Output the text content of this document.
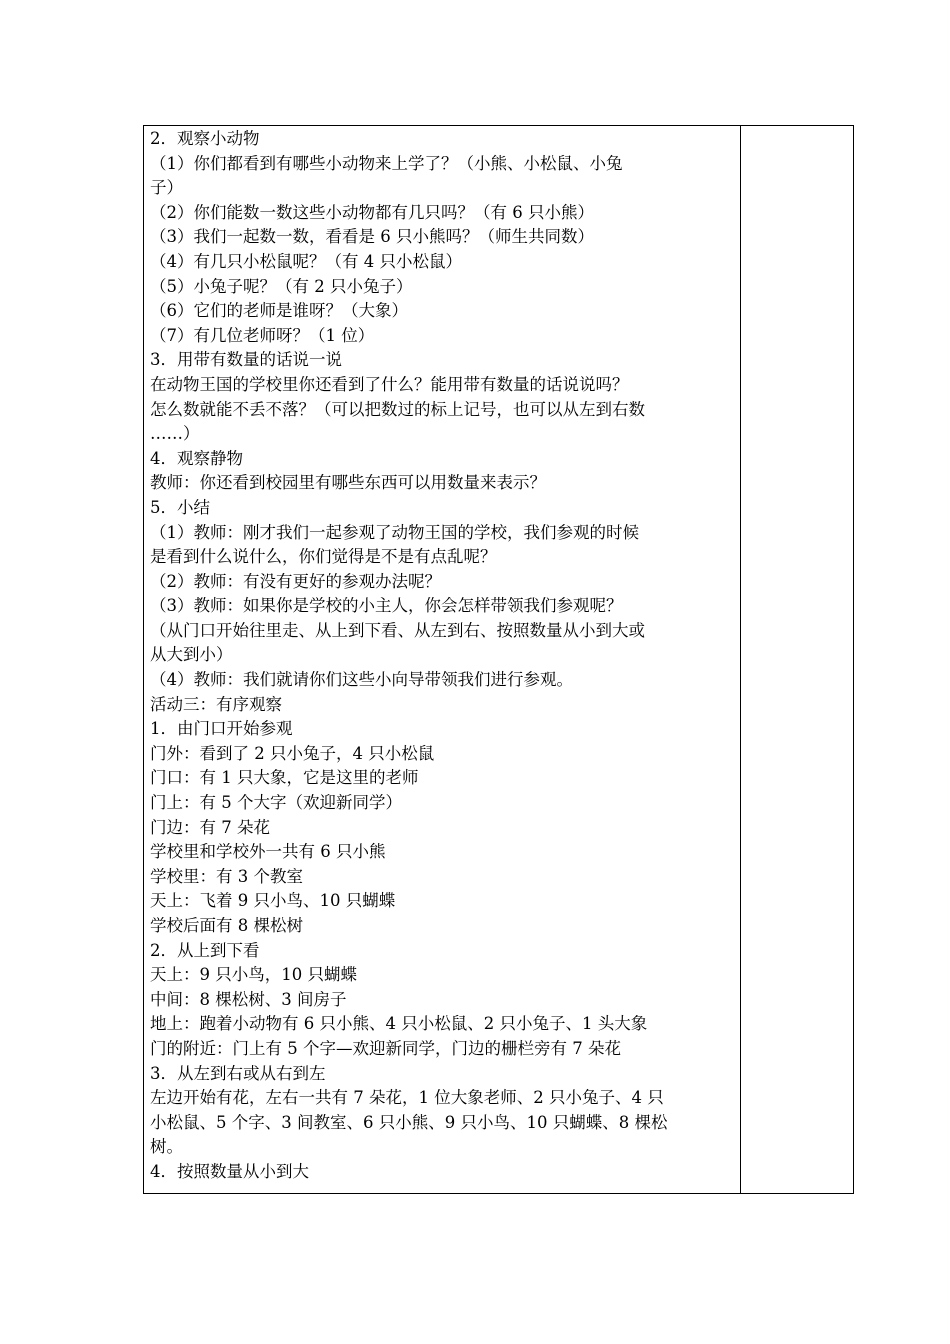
2．观察小动物
（1）你们都看到有哪些小动物来上学了？（小熊、小松鼠、小兔
子）
（2）你们能数一数这些小动物都有几只吗？（有 6 只小熊）
（3）我们一起数一数，看看是 6 只小熊吗？（师生共同数）
（4）有几只小松鼠呢？（有 4 只小松鼠）
（5）小兔子呢？（有 2 只小兔子）
（6）它们的老师是谁呀？（大象）
（7）有几位老师呀？（1 位）
3．用带有数量的话说一说
在动物王国的学校里你还看到了什么？能用带有数量的话说说吗？
怎么数就能不丢不落？（可以把数过的标上记号，也可以从左到右数
……）
4．观察静物
教师：你还看到校园里有哪些东西可以用数量来表示？
5．小结
（1）教师：刚才我们一起参观了动物王国的学校，我们参观的时候
是看到什么说什么，你们觉得是不是有点乱呢？
（2）教师：有没有更好的参观办法呢？
（3）教师：如果你是学校的小主人，你会怎样带领我们参观呢？
（从门口开始往里走、从上到下看、从左到右、按照数量从小到大或
从大到小）
（4）教师：我们就请你们这些小向导带领我们进行参观。
活动三：有序观察
1．由门口开始参观
门外：看到了 2 只小兔子，4 只小松鼠
门口：有 1 只大象，它是这里的老师
门上：有 5 个大字（欢迎新同学）
门边：有 7 朵花
学校里和学校外一共有 6 只小熊
学校里：有 3 个教室
天上：飞着 9 只小鸟、10 只蝴蝶
学校后面有 8 棵松树
2．从上到下看
天上：9 只小鸟，10 只蝴蝶
中间：8 棵松树、3 间房子
地上：跑着小动物有 6 只小熊、4 只小松鼠、2 只小兔子、1 头大象
门的附近：门上有 5 个字—欢迎新同学，门边的栅栏旁有 7 朵花
3．从左到右或从右到左
左边开始有花，左右一共有 7 朵花，1 位大象老师、2 只小兔子、4 只
小松鼠、5 个字、3 间教室、6 只小熊、9 只小鸟、10 只蝴蝶、8 棵松
树。
4．按照数量从小到大
